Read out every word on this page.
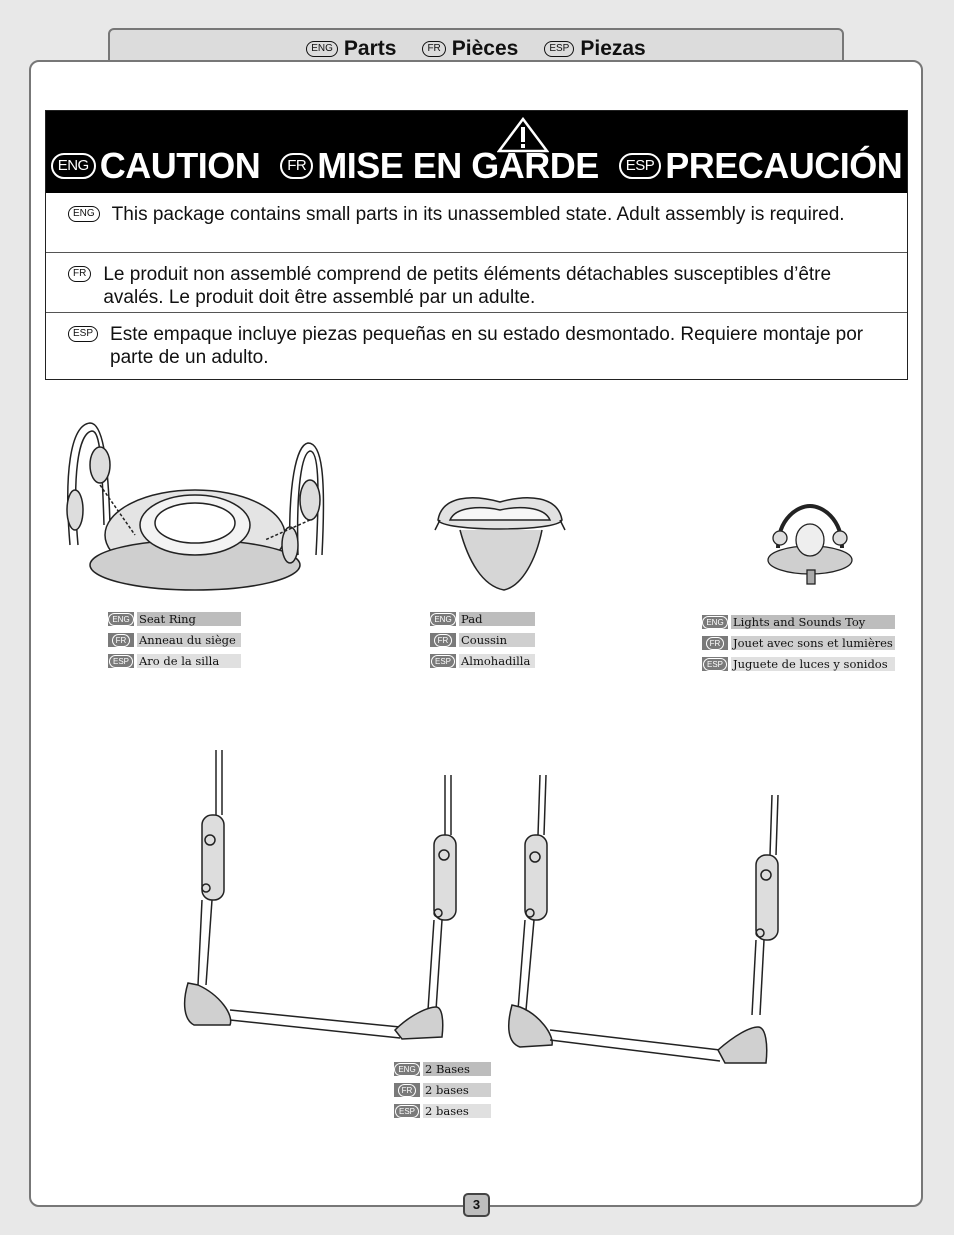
ENG Parts	FR Pièces	ESP Piezas
ENG CAUTION	FR MISE EN GARDE	ESP PRECAUCIÓN
ENG This package contains small parts in its unassembled state. Adult assembly is required.
FR Le produit non assemblé comprend de petits éléments détachables susceptibles d’être avalés. Le produit doit être assemblé par un adulte.
ESP Este empaque incluye piezas pequeñas en su estado desmontado. Requiere montaje por parte de un adulto.
ENG Seat Ring
FR	Anneau du siège
ESP Aro de la silla
ENG Pad
FR	Coussin
ESP Almohadilla
ENG Lights and Sounds Toy
FR	Jouet avec sons et lumières
ESP Juguete de luces y sonidos
ENG 2 Bases
FR	2 bases
ESP 2 bases
3
